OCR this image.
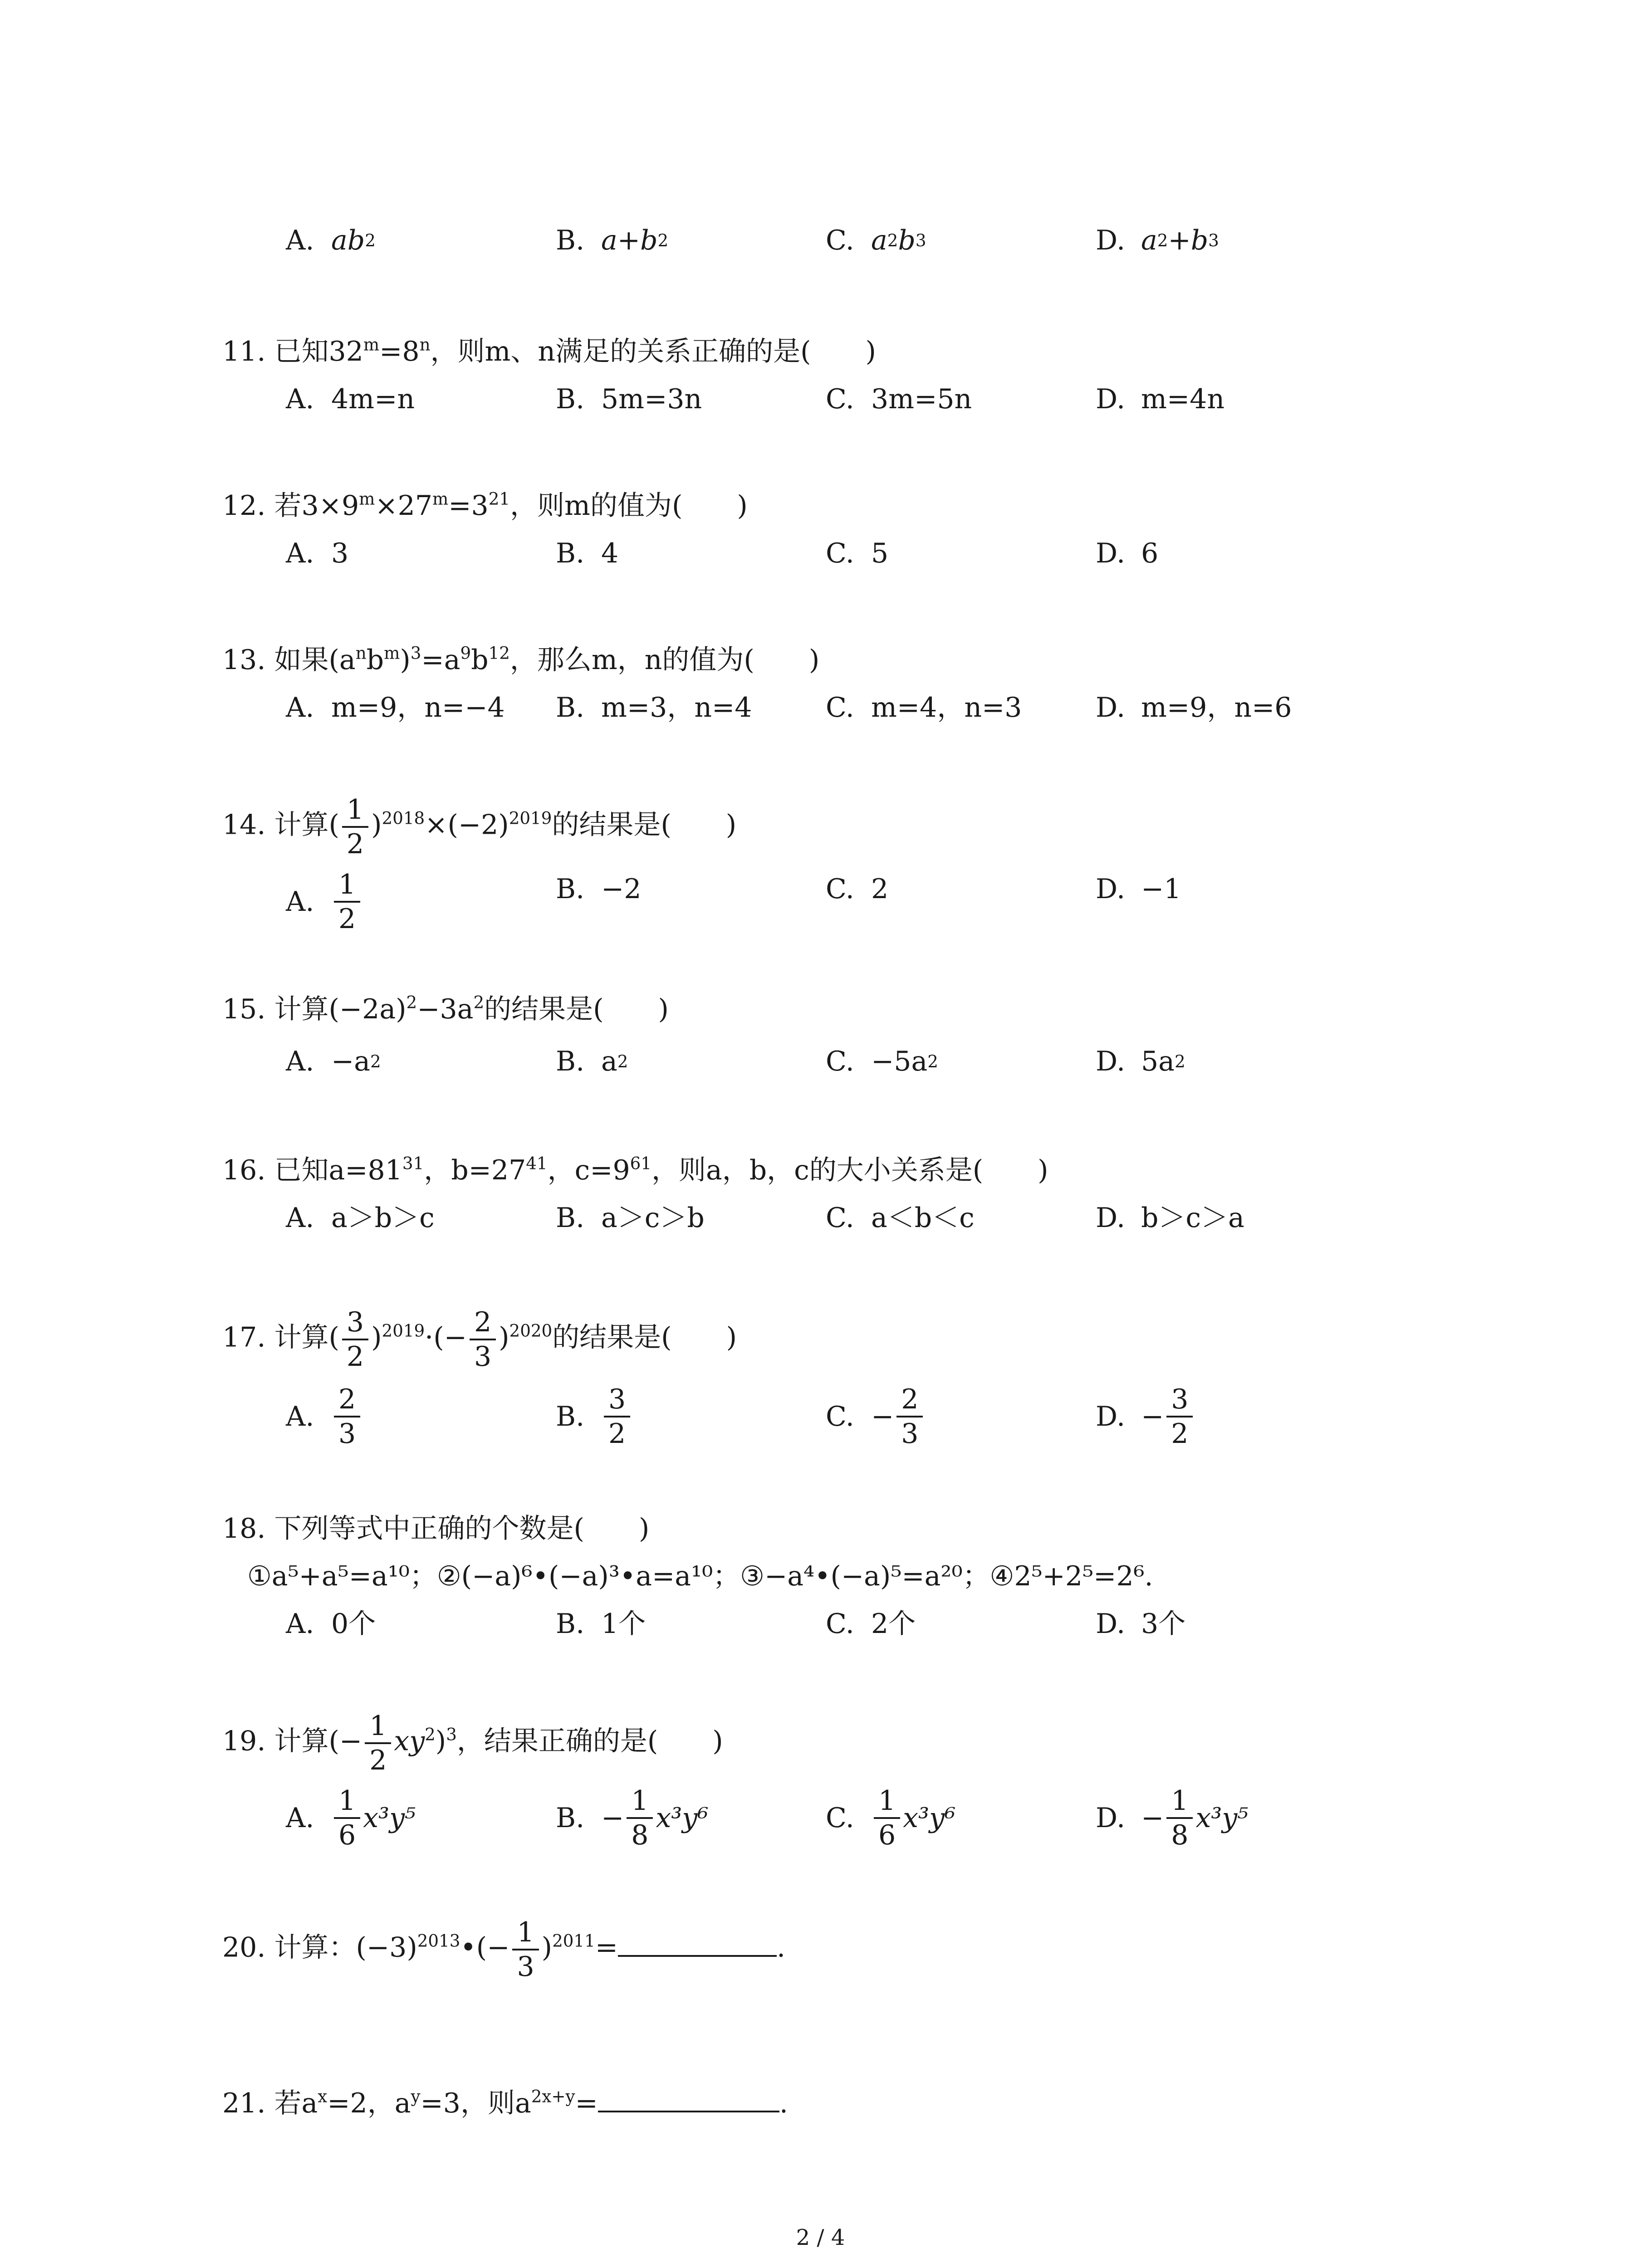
A. ab 2	B. a + b 2	C. a 2 b 3	D. a 2 + b 3
11. 已知$32^m=8^n$，则m、n满足的关系正确的是(　　)
A. 4m=n	B. 5m=3n	C. 3m=5n	D. m=4n
12. 若$3\times 9^m\times 27^m=3^{21}$，则m的值为(　　)
A. 3	B. 4	C. 5	D. 6
13. 如果$(a^nb^m)^3=a^9b^{12}$，那么m，n的值为(　　)
A. m=9，n=−4 B. m=3，n=4	C. m=4，n=3	D. m=9，n=6
14. 计算( $\frac{1}{2} )^{2018}\times(-2)^{2019}$的结果是(　　)
A. $\frac{1}{2}$	B. −2	C. 2	D. −1
15. 计算$(-2a)^2-3a^2$的结果是(　　)
A. −a 2	B. a 2	C. −5a 2	D. 5a 2
16. 已知$a=81^{31}$，$b=27^{41}$，$c=9^{61}$，则a，b，c的大小关系是(　　)
A. a＞b＞c	B. a＞c＞b	C. a＜b＜c	D. b＞c＞a
17. 计算( $\frac{3}{2} )^{2019}\cdot(- \frac{2}{3} )^{2020}$的结果是(　　)
A. $\frac{2}{3}$	B. $\frac{3}{2}$	C. − $\frac{2}{3}$	D. − $\frac{3}{2}$
18. 下列等式中正确的个数是(　　)
①a⁵+a⁵=a¹⁰；②(−a)⁶•(−a)³•a=a¹⁰；③−a⁴•(−a)⁵=a²⁰；④2⁵+2⁵=2⁶.
A. 0个	B. 1个	C. 2个	D. 3个
19. 计算(− $\frac{1}{2} xy^2)^3$，结果正确的是(　　)
A. $\frac{1}{6} x^3y^5$	B. − $\frac{1}{8} x^3y^6$	C. $\frac{1}{6} x^3y^6$	D. − $\frac{1}{8} x^3y^5$
20. 计算：$(-3)^{2013}•(- \frac{1}{3} )^{2011}=$	.
21. 若$a^x=2$，$a^y=3$，则$a^{2x+y}=$	.
2 / 4
